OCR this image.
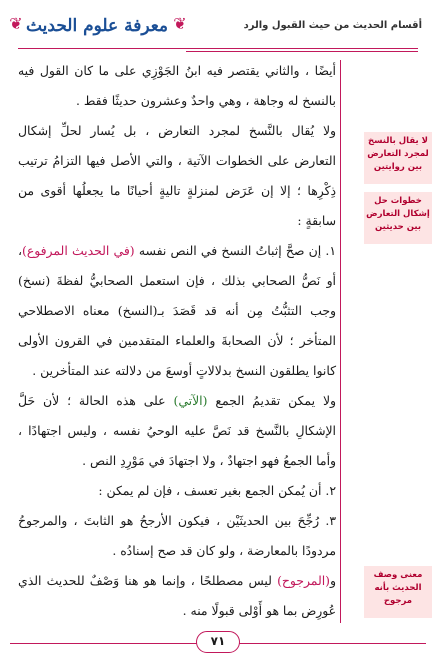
❦ معرفة علوم الحديث ❦	أقسام الحديث من حيث القبول والرد
لا يقال بالنسخ
لمجرد التعارض
بين روايتين
خطوات حل
إشكال التعارض
بين حديثين
معنى وصف
الحديث بأنه
مرجوح

أيضًا ، والثاني يقتصر فيه ابنُ الجَوْزِي على ما كان القول فيه بالنسخ له وجاهة ، وهي واحدٌ وعشرون حديثًا فقط .

ولا يُقال بالنَّسخ لمجرد التعارض ، بل يُسار لحلِّ إشكال التعارض على الخطوات الآتية ، والتي الأصل فيها التزامُ ترتيب ذِكْرِها ؛ إلا إن عَرَض لمنزلةٍ تاليةٍ أحيانًا ما يجعلُها أقوى من سابقةٍ :

١. إن صحَّ إثباتُ النسخ في النص نفسه (في الحديث المرفوع)، أو نَصُّ الصحابي بذلك ، فإن استعمل الصحابيُّ لفظةَ (نسخ) وجب التثبُّتُ مِن أنه قد قَصَدَ بـ(النسخ) معناه الاصطلاحي المتأخر ؛ لأن الصحابةَ والعلماء المتقدمين في القرون الأولى كانوا يطلقون النسخ بدلالاتٍ أوسعَ من دلالته عند المتأخرين .

ولا يمكن تقديمُ الجمع (الآتي) على هذه الحالة ؛ لأن حَلَّ الإشكالِ بالنَّسخ قد نَصَّ عليه الوحيُ نفسه ، وليس اجتهادًا ، وأما الجمعُ فهو اجتهادٌ ، ولا اجتهادَ في مَوْرِدِ النص .

٢. أن يُمكن الجمع بغير تعسف ، فإن لم يمكن :

٣. رُجِّحَ بين الحديثَيْن ، فيكون الأرجحُ هو الثابتَ ، والمرجوحُ مردودًا بالمعارضة ، ولو كان قد صح إسنادُه .

و(المرجوح) ليس مصطلحًا ، وإنما هو هنا وَصْفٌ للحديث الذي عُورِض بما هو أَوْلى قبولًا منه .

٧١
